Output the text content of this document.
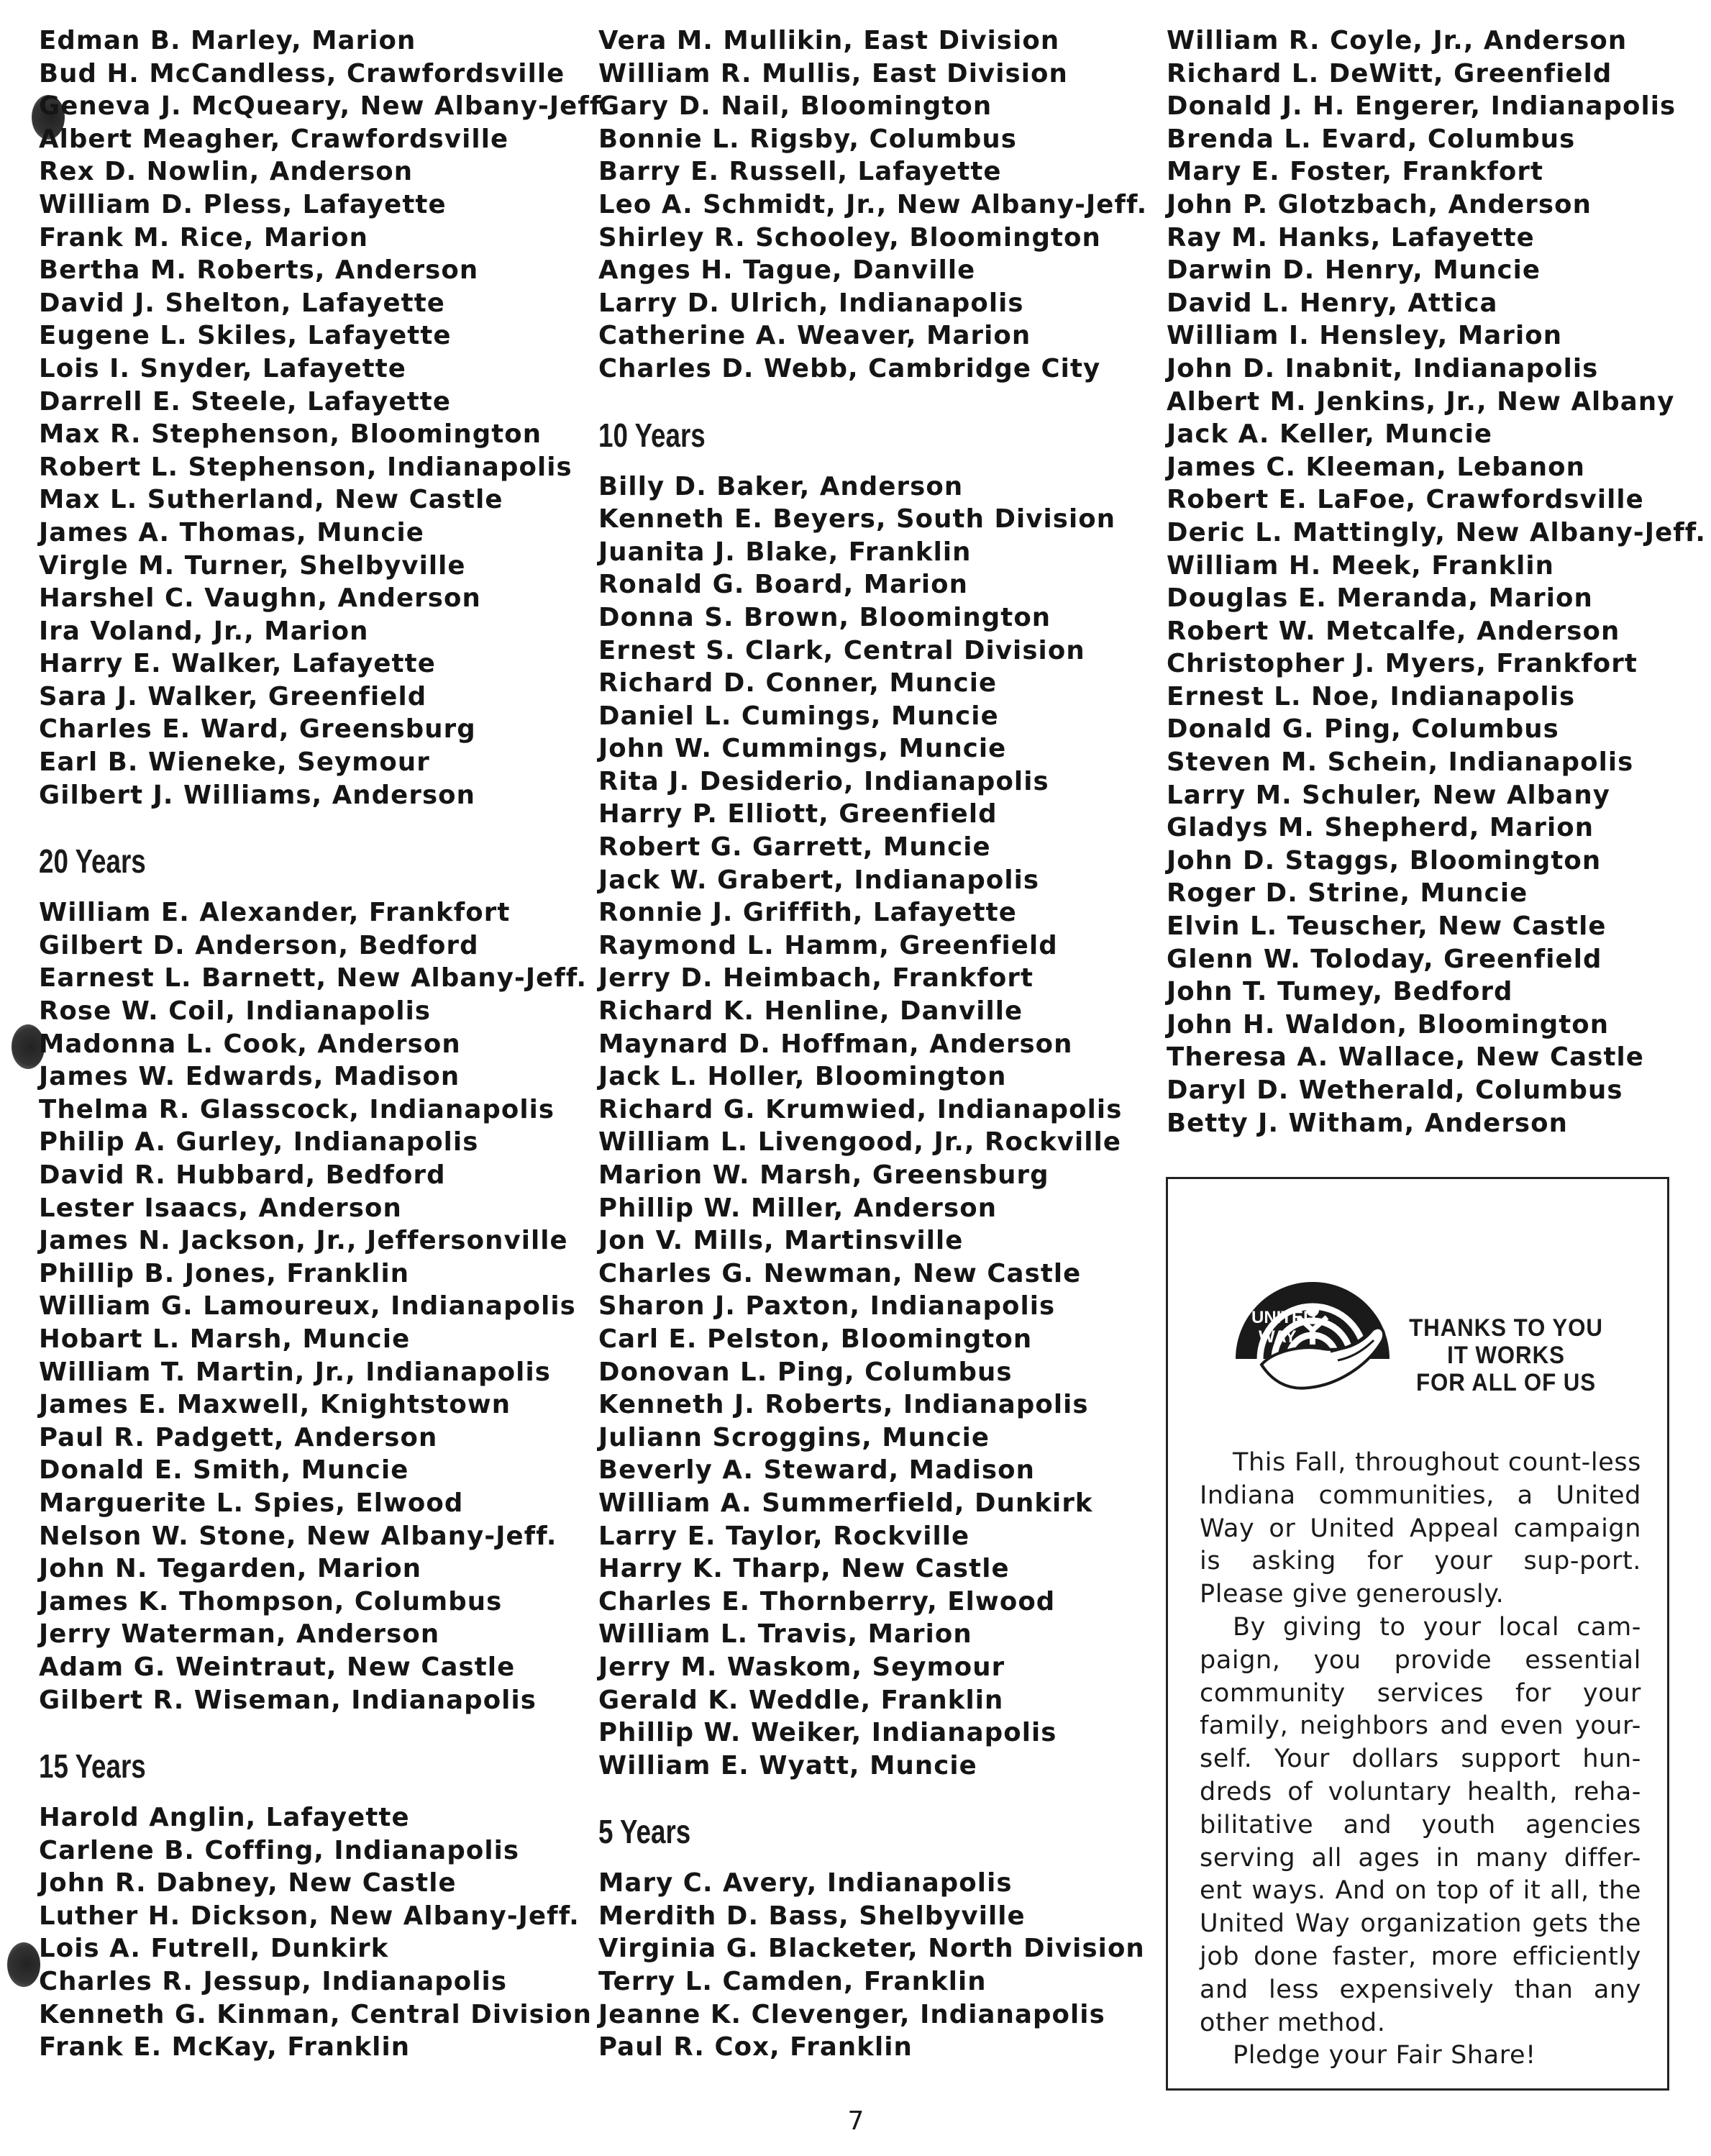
Edman B. Marley, Marion
Bud H. McCandless, Crawfordsville
Geneva J. McQueary, New Albany-Jeff.
Albert Meagher, Crawfordsville
Rex D. Nowlin, Anderson
William D. Pless, Lafayette
Frank M. Rice, Marion
Bertha M. Roberts, Anderson
David J. Shelton, Lafayette
Eugene L. Skiles, Lafayette
Lois I. Snyder, Lafayette
Darrell E. Steele, Lafayette
Max R. Stephenson, Bloomington
Robert L. Stephenson, Indianapolis
Max L. Sutherland, New Castle
James A. Thomas, Muncie
Virgle M. Turner, Shelbyville
Harshel C. Vaughn, Anderson
Ira Voland, Jr., Marion
Harry E. Walker, Lafayette
Sara J. Walker, Greenfield
Charles E. Ward, Greensburg
Earl B. Wieneke, Seymour
Gilbert J. Williams, Anderson
20 Years
William E. Alexander, Frankfort
Gilbert D. Anderson, Bedford
Earnest L. Barnett, New Albany-Jeff.
Rose W. Coil, Indianapolis
Madonna L. Cook, Anderson
James W. Edwards, Madison
Thelma R. Glasscock, Indianapolis
Philip A. Gurley, Indianapolis
David R. Hubbard, Bedford
Lester Isaacs, Anderson
James N. Jackson, Jr., Jeffersonville
Phillip B. Jones, Franklin
William G. Lamoureux, Indianapolis
Hobart L. Marsh, Muncie
William T. Martin, Jr., Indianapolis
James E. Maxwell, Knightstown
Paul R. Padgett, Anderson
Donald E. Smith, Muncie
Marguerite L. Spies, Elwood
Nelson W. Stone, New Albany-Jeff.
John N. Tegarden, Marion
James K. Thompson, Columbus
Jerry Waterman, Anderson
Adam G. Weintraut, New Castle
Gilbert R. Wiseman, Indianapolis
15 Years
Harold Anglin, Lafayette
Carlene B. Coffing, Indianapolis
John R. Dabney, New Castle
Luther H. Dickson, New Albany-Jeff.
Lois A. Futrell, Dunkirk
Charles R. Jessup, Indianapolis
Kenneth G. Kinman, Central Division
Frank E. McKay, Franklin
Vera M. Mullikin, East Division
William R. Mullis, East Division
Gary D. Nail, Bloomington
Bonnie L. Rigsby, Columbus
Barry E. Russell, Lafayette
Leo A. Schmidt, Jr., New Albany-Jeff.
Shirley R. Schooley, Bloomington
Anges H. Tague, Danville
Larry D. Ulrich, Indianapolis
Catherine A. Weaver, Marion
Charles D. Webb, Cambridge City
10 Years
Billy D. Baker, Anderson
Kenneth E. Beyers, South Division
Juanita J. Blake, Franklin
Ronald G. Board, Marion
Donna S. Brown, Bloomington
Ernest S. Clark, Central Division
Richard D. Conner, Muncie
Daniel L. Cumings, Muncie
John W. Cummings, Muncie
Rita J. Desiderio, Indianapolis
Harry P. Elliott, Greenfield
Robert G. Garrett, Muncie
Jack W. Grabert, Indianapolis
Ronnie J. Griffith, Lafayette
Raymond L. Hamm, Greenfield
Jerry D. Heimbach, Frankfort
Richard K. Henline, Danville
Maynard D. Hoffman, Anderson
Jack L. Holler, Bloomington
Richard G. Krumwied, Indianapolis
William L. Livengood, Jr., Rockville
Marion W. Marsh, Greensburg
Phillip W. Miller, Anderson
Jon V. Mills, Martinsville
Charles G. Newman, New Castle
Sharon J. Paxton, Indianapolis
Carl E. Pelston, Bloomington
Donovan L. Ping, Columbus
Kenneth J. Roberts, Indianapolis
Juliann Scroggins, Muncie
Beverly A. Steward, Madison
William A. Summerfield, Dunkirk
Larry E. Taylor, Rockville
Harry K. Tharp, New Castle
Charles E. Thornberry, Elwood
William L. Travis, Marion
Jerry M. Waskom, Seymour
Gerald K. Weddle, Franklin
Phillip W. Weiker, Indianapolis
William E. Wyatt, Muncie
5 Years
Mary C. Avery, Indianapolis
Merdith D. Bass, Shelbyville
Virginia G. Blacketer, North Division
Terry L. Camden, Franklin
Jeanne K. Clevenger, Indianapolis
Paul R. Cox, Franklin
William R. Coyle, Jr., Anderson
Richard L. DeWitt, Greenfield
Donald J. H. Engerer, Indianapolis
Brenda L. Evard, Columbus
Mary E. Foster, Frankfort
John P. Glotzbach, Anderson
Ray M. Hanks, Lafayette
Darwin D. Henry, Muncie
David L. Henry, Attica
William I. Hensley, Marion
John D. Inabnit, Indianapolis
Albert M. Jenkins, Jr., New Albany
Jack A. Keller, Muncie
James C. Kleeman, Lebanon
Robert E. LaFoe, Crawfordsville
Deric L. Mattingly, New Albany-Jeff.
William H. Meek, Franklin
Douglas E. Meranda, Marion
Robert W. Metcalfe, Anderson
Christopher J. Myers, Frankfort
Ernest L. Noe, Indianapolis
Donald G. Ping, Columbus
Steven M. Schein, Indianapolis
Larry M. Schuler, New Albany
Gladys M. Shepherd, Marion
John D. Staggs, Bloomington
Roger D. Strine, Muncie
Elvin L. Teuscher, New Castle
Glenn W. Toloday, Greenfield
John T. Tumey, Bedford
John H. Waldon, Bloomington
Theresa A. Wallace, New Castle
Daryl D. Wetherald, Columbus
Betty J. Witham, Anderson
UNITED
WAY	THANKS TO YOU
IT WORKS
FOR ALL OF US

This Fall, throughout count-less Indiana communities, a United Way or United Appeal campaign is asking for your sup-port. Please give generously.

By giving to your local cam-paign, you provide essential community services for your family, neighbors and even your-self. Your dollars support hun-dreds of voluntary health, reha-bilitative and youth agencies serving all ages in many differ-ent ways. And on top of it all, the United Way organization gets the job done faster, more efficiently and less expensively than any other method.

Pledge your Fair Share!

7
